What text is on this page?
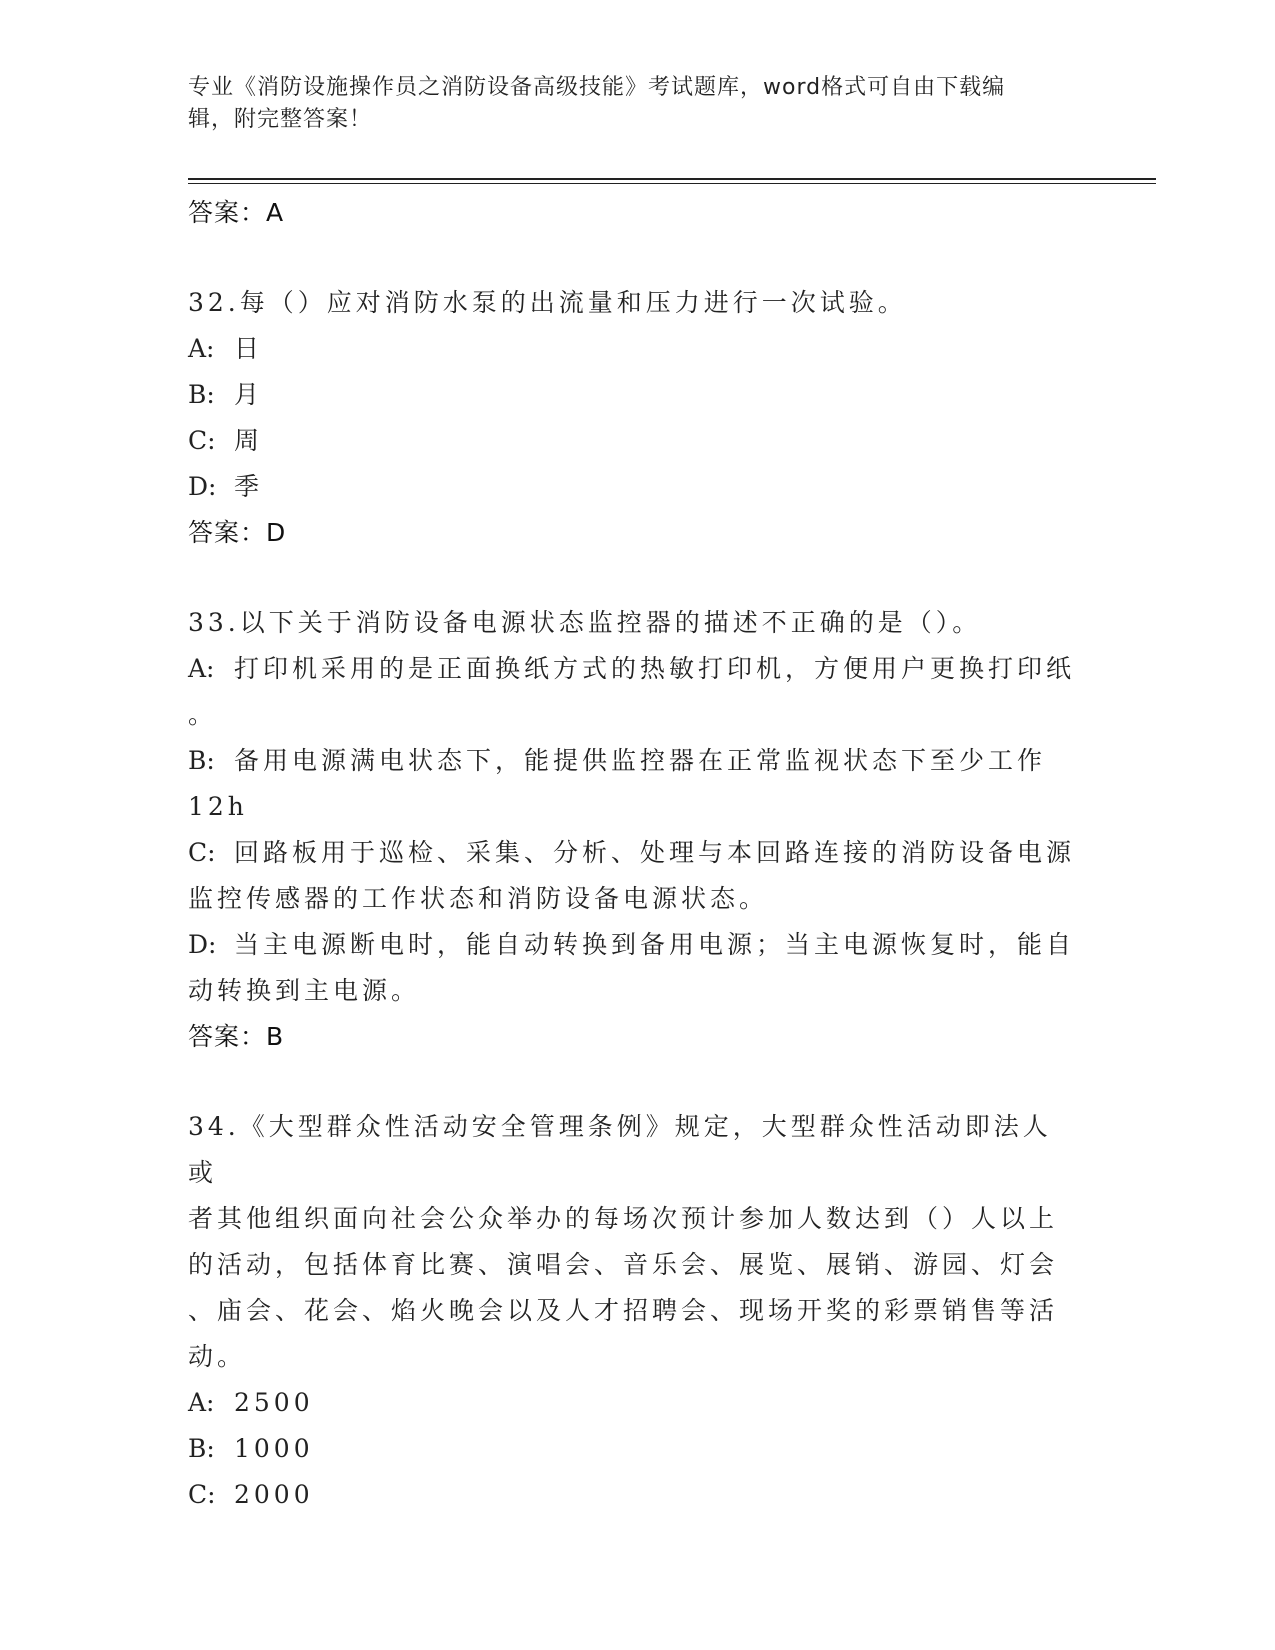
专业《消防设施操作员之消防设备高级技能》考试题库，word格式可自由下载编
辑，附完整答案！
答案：A
32.每（）应对消防水泵的出流量和压力进行一次试验。
A: 日
B: 月
C: 周
D: 季
答案：D
33.以下关于消防设备电源状态监控器的描述不正确的是（）。
A: 打印机采用的是正面换纸方式的热敏打印机，方便用户更换打印纸
。
B: 备用电源满电状态下，能提供监控器在正常监视状态下至少工作
12h
C: 回路板用于巡检、采集、分析、处理与本回路连接的消防设备电源
监控传感器的工作状态和消防设备电源状态。
D: 当主电源断电时，能自动转换到备用电源；当主电源恢复时，能自
动转换到主电源。
答案：B
34.《大型群众性活动安全管理条例》规定，大型群众性活动即法人或
者其他组织面向社会公众举办的每场次预计参加人数达到（）人以上
的活动，包括体育比赛、演唱会、音乐会、展览、展销、游园、灯会
、庙会、花会、焰火晚会以及人才招聘会、现场开奖的彩票销售等活
动。
A: 2500
B: 1000
C: 2000
